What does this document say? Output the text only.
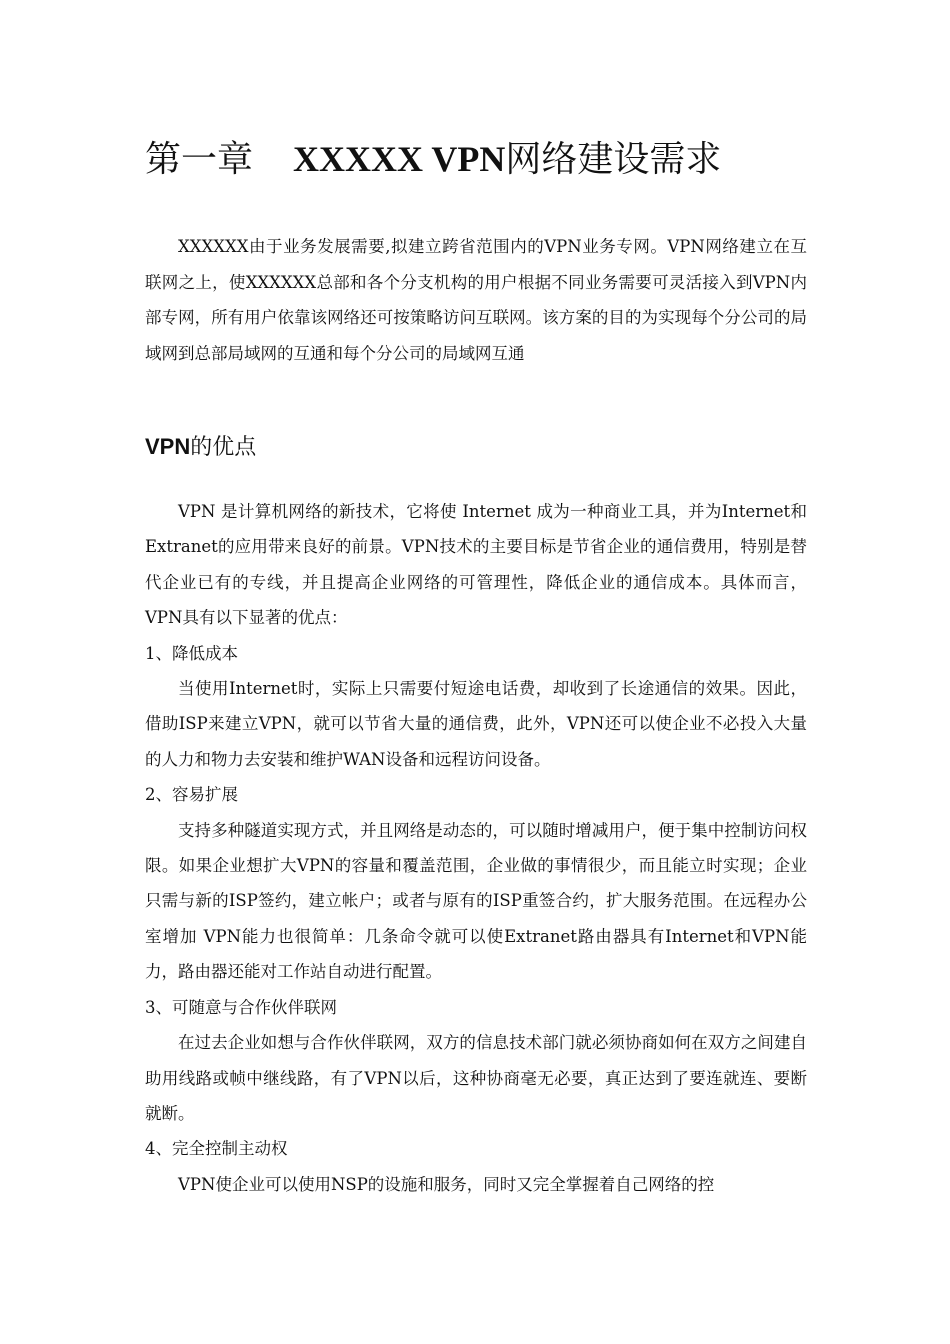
第一章 XXXXX VPN网络建设需求

XXXXXX由于业务发展需要,拟建立跨省范围内的VPN业务专网。VPN网络建立在互联网之上，使XXXXXX总部和各个分支机构的用户根据不同业务需要可灵活接入到VPN内部专网，所有用户依靠该网络还可按策略访问互联网。该方案的目的为实现每个分公司的局域网到总部局域网的互通和每个分公司的局域网互通

VPN的优点

VPN 是计算机网络的新技术，它将使 Internet 成为一种商业工具，并为Internet和Extranet的应用带来良好的前景。VPN技术的主要目标是节省企业的通信费用，特别是替代企业已有的专线，并且提高企业网络的可管理性，降低企业的通信成本。具体而言，VPN具有以下显著的优点：

1、降低成本

当使用Internet时，实际上只需要付短途电话费，却收到了长途通信的效果。因此，借助ISP来建立VPN，就可以节省大量的通信费，此外，VPN还可以使企业不必投入大量的人力和物力去安装和维护WAN设备和远程访问设备。

2、容易扩展

支持多种隧道实现方式，并且网络是动态的，可以随时增减用户，便于集中控制访问权限。如果企业想扩大VPN的容量和覆盖范围，企业做的事情很少，而且能立时实现；企业只需与新的ISP签约，建立帐户；或者与原有的ISP重签合约，扩大服务范围。在远程办公室增加 VPN能力也很简单：几条命令就可以使Extranet路由器具有Internet和VPN能力，路由器还能对工作站自动进行配置。

3、可随意与合作伙伴联网

在过去企业如想与合作伙伴联网，双方的信息技术部门就必须协商如何在双方之间建自助用线路或帧中继线路，有了VPN以后，这种协商毫无必要，真正达到了要连就连、要断就断。

4、完全控制主动权

VPN使企业可以使用NSP的设施和服务，同时又完全掌握着自己网络的控
